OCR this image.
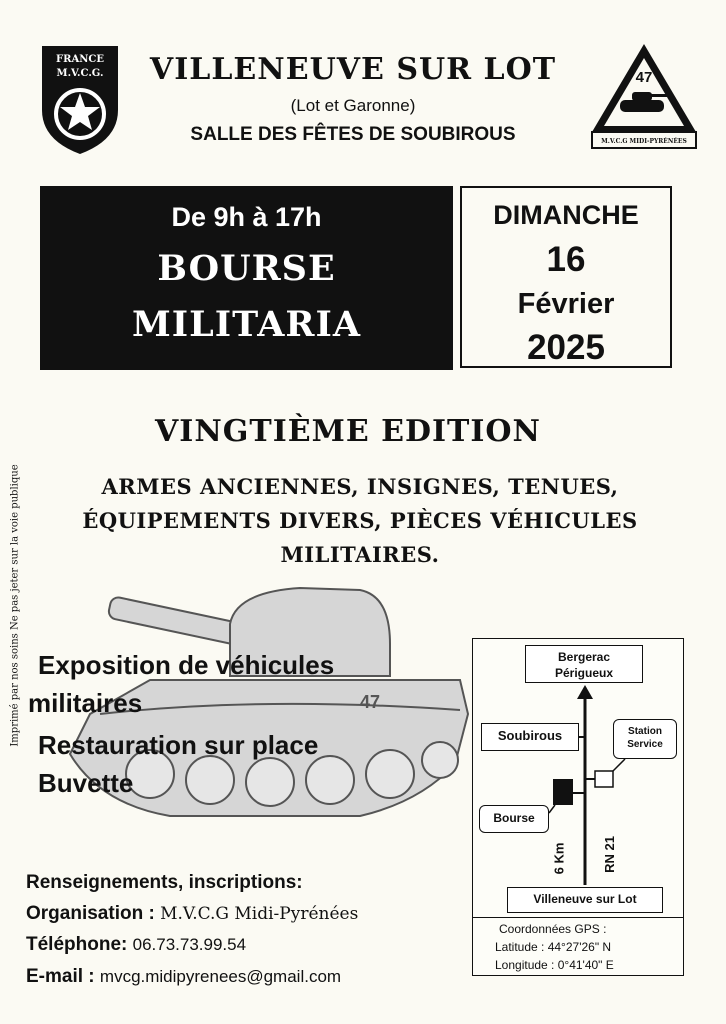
FRANCE
M.V.C.G.	47
M.V.C.G MIDI-PYRÉNÉES
VILLENEUVE SUR LOT
(Lot et Garonne)
SALLE DES FÊTES DE SOUBIROUS
De 9h à 17h
BOURSE
MILITARIA
DIMANCHE
16
Février
2025
VINGTIÈME EDITION
ARMES ANCIENNES, INSIGNES, TENUES,
ÉQUIPEMENTS DIVERS, PIÈCES VÉHICULES
MILITAIRES.
Imprimé par nos soins Ne pas jeter sur la voie publique	47
Exposition de véhicules
militaires
Restauration sur place
Buvette
Renseignements, inscriptions:
Organisation : M.V.C.G Midi-Pyrénées
Téléphone: 06.73.73.99.54
E-mail : mvcg.midipyrenees@gmail.com
Bergerac
Périgueux
Soubirous	Station
Service
Bourse
6 Km	RN 21
Villeneuve sur Lot
Coordonnées GPS :
Latitude : 44°27'26" N
Longitude : 0°41'40" E
